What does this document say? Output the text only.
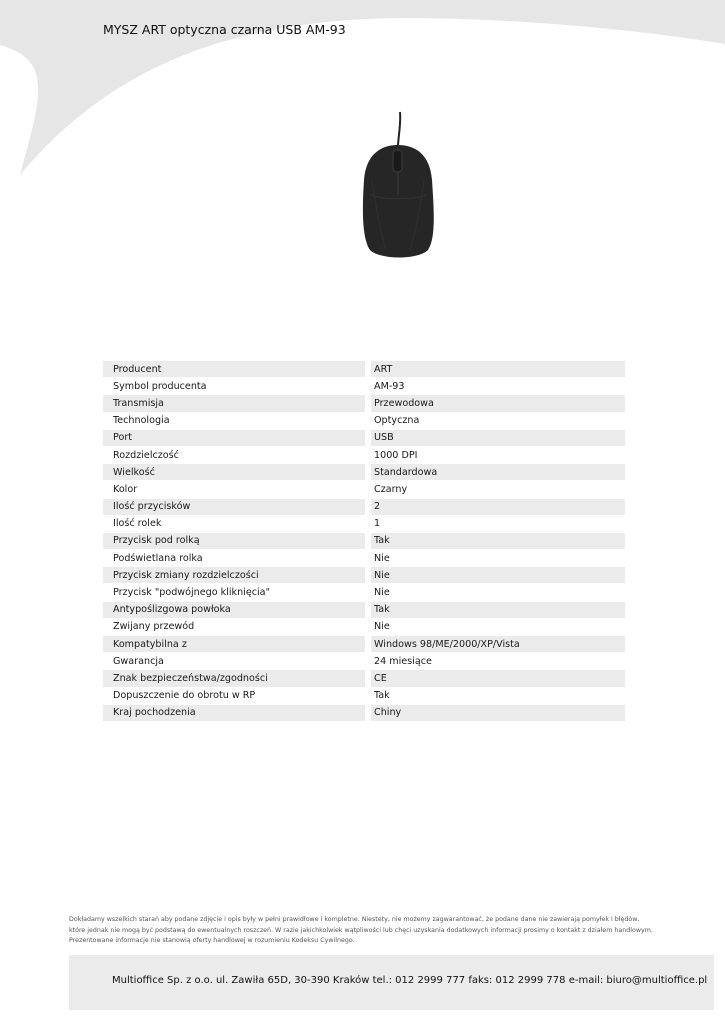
MYSZ ART optyczna czarna USB AM-93
Producent		ART
Symbol producenta		AM-93
Transmisja		Przewodowa
Technologia		Optyczna
Port		USB
Rozdzielczość		1000 DPI
Wielkość		Standardowa
Kolor		Czarny
Ilość przycisków		2
Ilość rolek		1
Przycisk pod rolką		Tak
Podświetlana rolka		Nie
Przycisk zmiany rozdzielczości		Nie
Przycisk "podwójnego kliknięcia"		Nie
Antypoślizgowa powłoka		Tak
Zwijany przewód		Nie
Kompatybilna z		Windows 98/ME/2000/XP/Vista
Gwarancja		24 miesiące
Znak bezpieczeństwa/zgodności		CE
Dopuszczenie do obrotu w RP		Tak
Kraj pochodzenia		Chiny
Dokładamy wszelkich starań aby podane zdjęcie i opis były w pełni prawidłowe i kompletne. Niestety, nie możemy zagwarantować, że podane dane nie zawierają pomyłek i błędów,
które jednak nie mogą być podstawą do ewentualnych roszczeń. W razie jakichkolwiek wątpliwości lub chęci uzyskania dodatkowych informacji prosimy o kontakt z działem handlowym.
Prezentowane informacje nie stanowią oferty handlowej w rozumieniu Kodeksu Cywilnego.
Multioffice Sp. z o.o. ul. Zawiła 65D, 30-390 Kraków tel.: 012 2999 777 faks: 012 2999 778 e-mail: biuro@multioffice.pl
